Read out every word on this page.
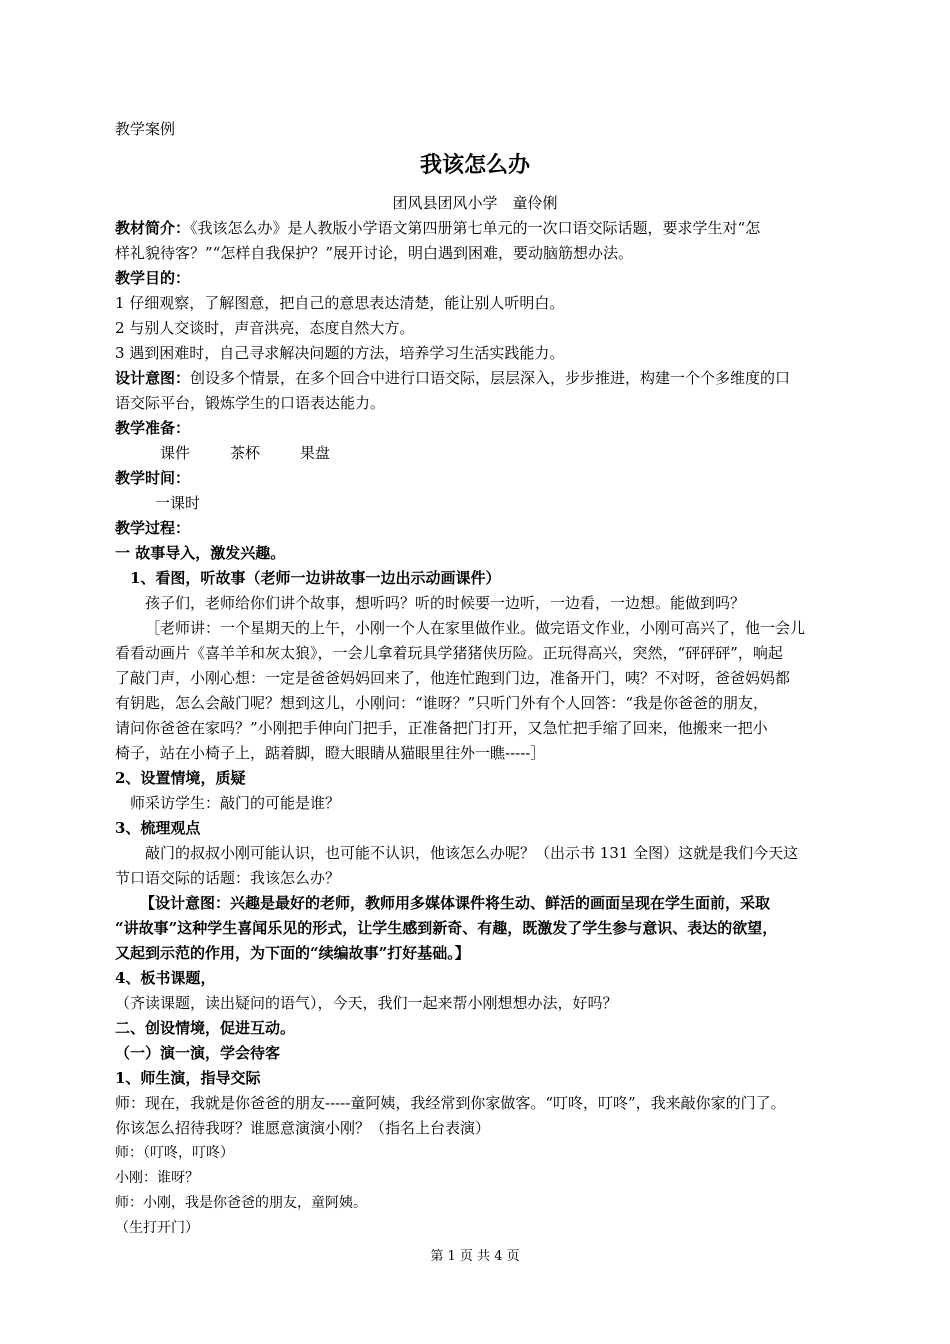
教学案例
我该怎么办
团风县团风小学　童伶俐
教材简介：《我该怎么办》是人教版小学语文第四册第七单元的一次口语交际话题，要求学生对“怎
样礼貌待客？”“怎样自我保护？”展开讨论，明白遇到困难，要动脑筋想办法。
教学目的：
1 仔细观察，了解图意，把自己的意思表达清楚，能让别人听明白。
2 与别人交谈时，声音洪亮，态度自然大方。
3 遇到困难时，自己寻求解决问题的方法，培养学习生活实践能力。
设计意图：创设多个情景，在多个回合中进行口语交际，层层深入，步步推进，构建一个个多维度的口
语交际平台，锻炼学生的口语表达能力。
教学准备：
课件	茶杯	果盘
教学时间：
一课时
教学过程：
一 故事导入，激发兴趣。
1、看图，听故事（老师一边讲故事一边出示动画课件）
孩子们，老师给你们讲个故事，想听吗？听的时候要一边听，一边看，一边想。能做到吗？
［老师讲：一个星期天的上午，小刚一个人在家里做作业。做完语文作业，小刚可高兴了，他一会儿
看看动画片《喜羊羊和灰太狼》，一会儿拿着玩具学猪猪侠历险。正玩得高兴，突然，“砰砰砰”，响起
了敲门声，小刚心想：一定是爸爸妈妈回来了，他连忙跑到门边，准备开门，咦？不对呀，爸爸妈妈都
有钥匙，怎么会敲门呢？想到这儿，小刚问：“谁呀？”只听门外有个人回答：“我是你爸爸的朋友，
请问你爸爸在家吗？”小刚把手伸向门把手，正准备把门打开，又急忙把手缩了回来，他搬来一把小
椅子，站在小椅子上，踮着脚，瞪大眼睛从猫眼里往外一瞧-----］
2、设置情境，质疑
师采访学生：敲门的可能是谁？
3、梳理观点
敲门的叔叔小刚可能认识，也可能不认识，他该怎么办呢？（出示书 131 全图）这就是我们今天这
节口语交际的话题：我该怎么办？
【设计意图：兴趣是最好的老师，教师用多媒体课件将生动、鲜活的画面呈现在学生面前，采取
“讲故事”这种学生喜闻乐见的形式，让学生感到新奇、有趣，既激发了学生参与意识、表达的欲望，
又起到示范的作用，为下面的“续编故事”打好基础。】
4、板书课题，
（齐读课题，读出疑问的语气），今天，我们一起来帮小刚想想办法，好吗？
二、创设情境，促进互动。
（一）演一演，学会待客
1、师生演，指导交际
师：现在，我就是你爸爸的朋友-----童阿姨，我经常到你家做客。“叮咚，叮咚”，我来敲你家的门了。
你该怎么招待我呀？谁愿意演演小刚？（指名上台表演）
师：（叮咚，叮咚）
小刚：谁呀？
师：小刚，我是你爸爸的朋友，童阿姨。
（生打开门）
第 1 页 共 4 页
